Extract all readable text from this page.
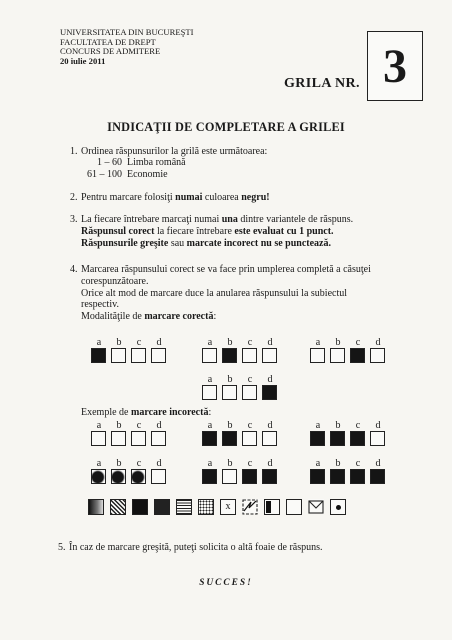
UNIVERSITATEA DIN BUCUREŞTI
FACULTATEA DE DREPT
CONCURS DE ADMITERE
20 iulie 2011
GRILA NR. 3
INDICAŢII DE COMPLETARE A GRILEI
1. Ordinea răspunsurilor la grilă este următoarea:
1 – 60 Limba română
61 – 100 Economie
2. Pentru marcare folosiţi numai culoarea negru!
3. La fiecare întrebare marcaţi numai una dintre variantele de răspuns.
Răspunsul corect la fiecare întrebare este evaluat cu 1 punct.
Răspunsurile greşite sau marcate incorect nu se punctează.
4. Marcarea răspunsului corect se va face prin umplerea completă a căsuţei
corespunzătoare.
Orice alt mod de marcare duce la anularea răspunsului la subiectul
respectiv.
Modalităţile de marcare corectă:
a	b	c	d	a	b	c	d	a	b	c	d
a	b	c	d
Exemple de marcare incorectă:
a	b	c	d	a	b	c	d	a	b	c	d
a	b	c	d	a	b	c	d	a	b	c	d
x
5. În caz de marcare greşită, puteţi solicita o altă foaie de răspuns.
SUCCES!
